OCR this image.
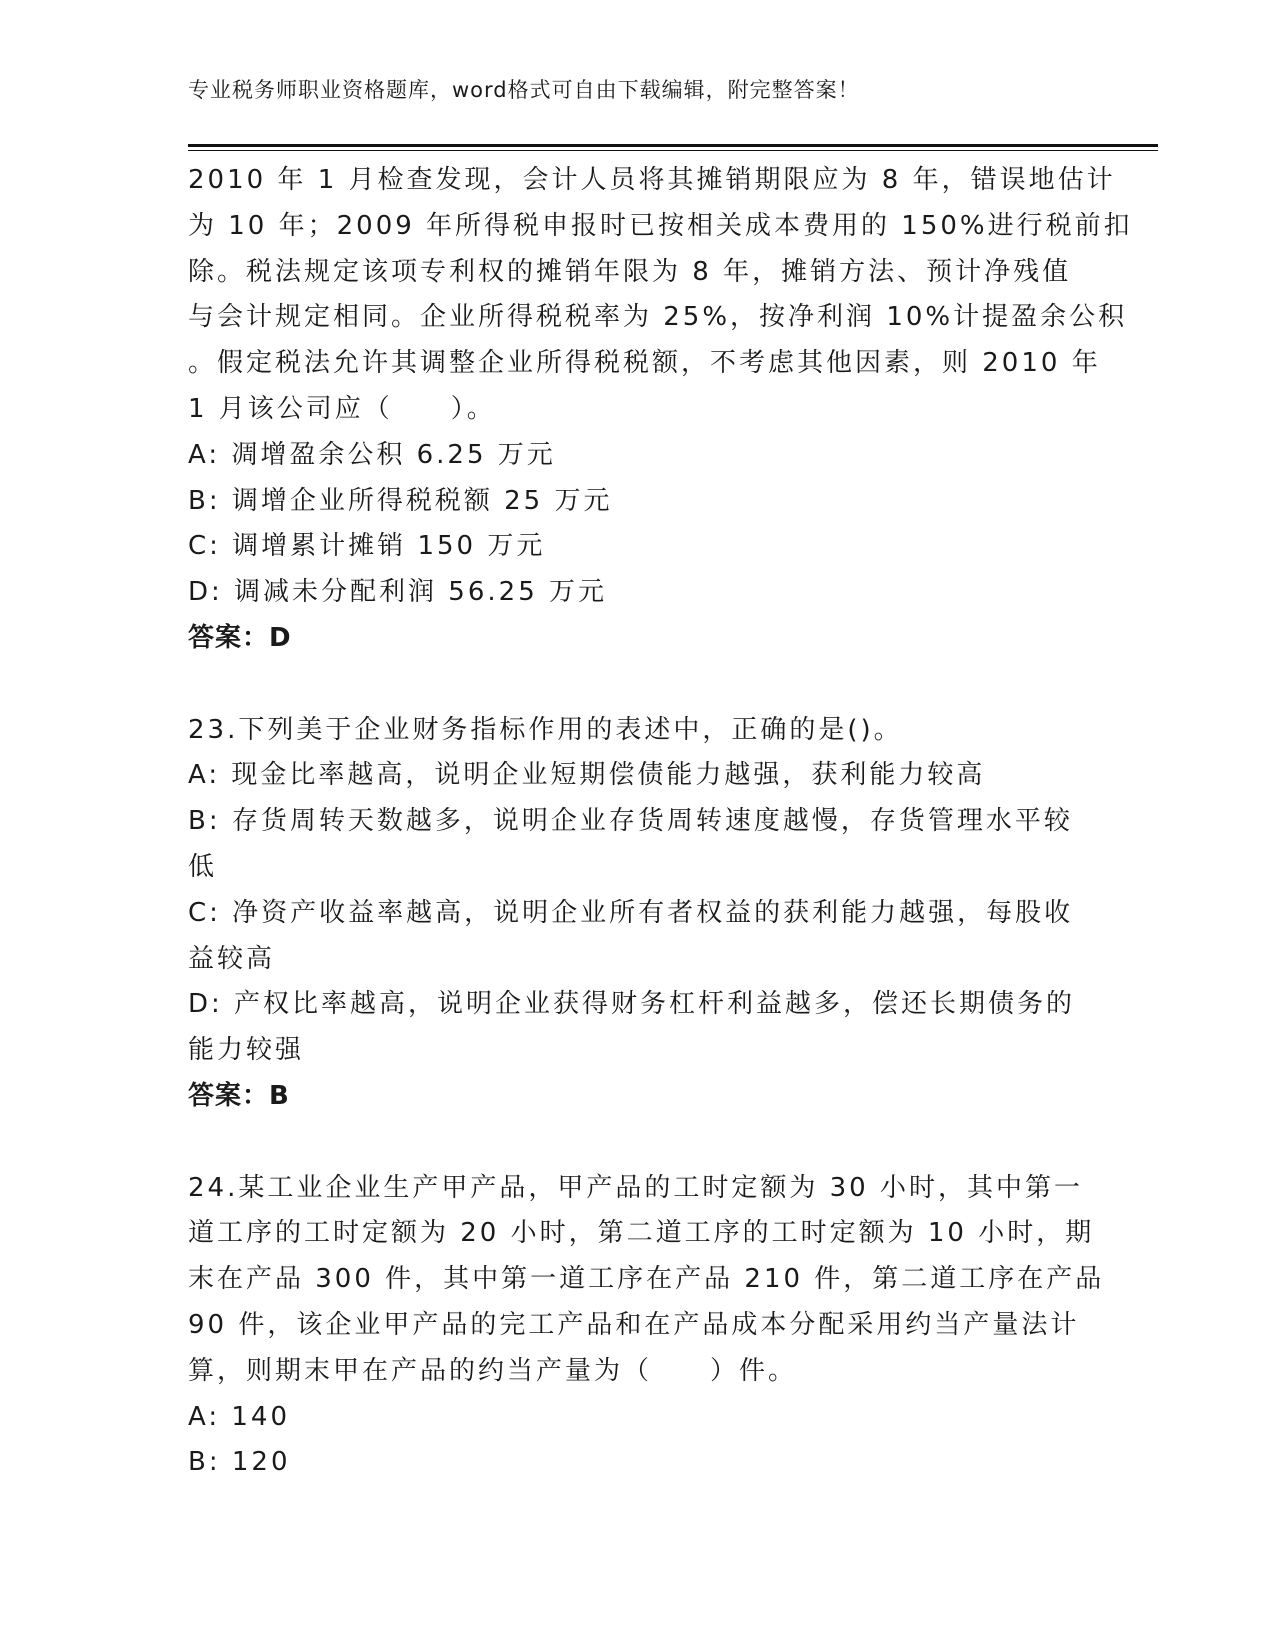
专业税务师职业资格题库，word格式可自由下载编辑，附完整答案！
2010 年 1 月检查发现，会计人员将其摊销期限应为 8 年，错误地估计
为 10 年；2009 年所得税申报时已按相关成本费用的 150%进行税前扣
除。税法规定该项专利权的摊销年限为 8 年，摊销方法、预计净残值
与会计规定相同。企业所得税税率为 25%，按净利润 10%计提盈余公积
。假定税法允许其调整企业所得税税额，不考虑其他因素，则 2010 年
1 月该公司应（　　）。
A: 凋增盈余公积 6.25 万元
B: 调增企业所得税税额 25 万元
C: 调增累计摊销 150 万元
D: 调减未分配利润 56.25 万元
答案：D
23.下列美于企业财务指标作用的表述中，正确的是()。
A: 现金比率越高，说明企业短期偿债能力越强，获利能力较高
B: 存货周转天数越多，说明企业存货周转速度越慢，存货管理水平较
低
C: 净资产收益率越高，说明企业所有者权益的获利能力越强，每股收
益较高
D: 产权比率越高，说明企业获得财务杠杆利益越多，偿还长期债务的
能力较强
答案：B
24.某工业企业生产甲产品，甲产品的工时定额为 30 小时，其中第一
道工序的工时定额为 20 小时，第二道工序的工时定额为 10 小时，期
末在产品 300 件，其中第一道工序在产品 210 件，第二道工序在产品
90 件，该企业甲产品的完工产品和在产品成本分配采用约当产量法计
算，则期末甲在产品的约当产量为（　　）件。
A: 140
B: 120
